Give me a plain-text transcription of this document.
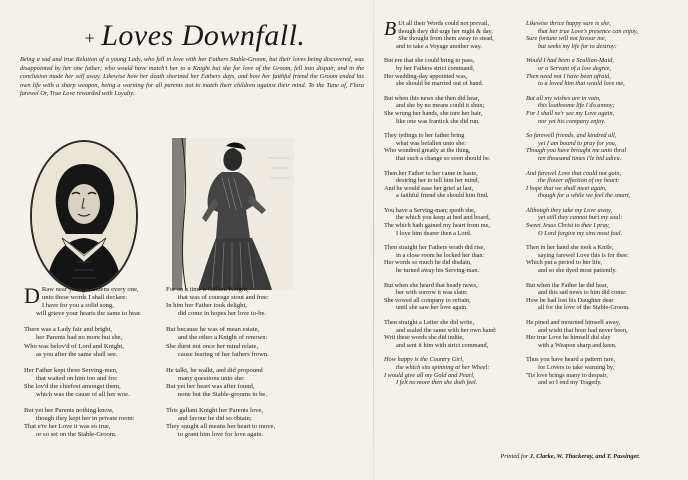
+ Loves Downfall.
Being a sad and true Relation of a young Lady, who fell in love with her Fathers Stable-Groom, but their loves being discovered, was disappointed by her one father; who would have match't her to a Knight but she for love of the Groom, fell into dispair, and in the conclusion made her self away. Likewise how her death shortned her Fathers days, and how her faithful friend the Groom ended his own life with a sharp weapon, being a warning for all parents not to match their children against their mind. To the Tune of, Flora farewel Or, True Love rewarded with Loyalty.
D Raw near young Maidens every one,
unto these words I shall declare:
I have for you a solid song,
will grieve your hearts the same to hear.
There was a Lady fair and bright,
her Parents had no more but she,
Who was belov'd of Lord and Knight,
as you after the same shall see.
Her Father kept three Serving-men,
that waited on him too and fro:
She lov'd the chiefest amongst them,
which was the cause of all her woe.
But yet her Parents nothing know,
though they kept her in private room:
That e're her Love it was so true,
or so set on the Stable-Groom.
For on a time a Gallant Knight,
that was of courage stout and free:
In him her Father took delight,
did come in hopes her love to-be.
But because he was of mean estate,
and the other a Knight of renown:
She durst not once her mind relate,
cause fearing of her fathers frown.
He talkt, he walkt, and did propound
many questions unto she:
But yet her heart was after found,
none but the Stable-grooms to be.
This gallant Knight her Parents love,
and favour he did so obtain;
They sought all means her heart to move,
to grant him love for love again.
B Ut all their Words could not prevail,
though they did urge her night & day,
She thought from them away to stead,
and to take a Voyage another way.
But ere that she could bring to pass,
by her Fathers strict command,
Her wedding-day appointed was,
she should be married out of hand.
But when this news she then did hear,
and she by no means could it shun;
She wrung her hands, she tore her hair,
like one was frantick she did run.
They tydings to her father bring
what was befallen unto she:
Who wondred greatly at the thing,
that such a change so soon should be.
Then her Father to her came in haste,
desiring her to tell him her mind,
And he would ease her grief at last,
a faithful friend she should him find.
You have a Serving-man; quoth she,
the which you keep at bed and board,
The which hath gained my heart from me,
I love him dearer then a Lord.
Then straight her Fathers wrath did rise,
in a close room he locked her than:
Her words so much he did disdain,
he turned away his Serving-man.
But when she heard that heady news,
her with sorrow it was slain:
She vowed all company to refrain,
until she saw her love again.
Then straight a Letter she did write,
and sealed the same with her own hand:
Writ these words she did indite,
and sent it him with strict command,
How happy is the Country Girl,
the which sits spinning at her Wheel:
I would give all my Gold and Pearl,
I felt no more then she doth feel.
Likewise thrice happy sure is she,
that her true Love's presence can enjoy,
Sure fortune will not favour me,
but seeks my life for to destroy:
Would I had been a Scullian-Maid,
or a Servant of a low degree,
Then need not I have been afraid,
to a loved him that would love me,
But all my wishes are in vain,
this loathsome life I do annoy;
For I shall ne'r see my Love again,
nor yet his company enjoy.
So farewell friends, and kindred all,
yet I am bound to pray for you,
Though you have brought me unto thral
ten thousand times i'le bid adieu.
And farewel Love that could not gain,
the flower affection of my heart:
I hope that we shall meet again,
though for a while we feel the smart,
Although they take my Love away,
yet still they cannot hurt my soul:
Sweet Jesus Christ to thee I pray,
O Lord forgive my sins most foul.
Then in her hand she took a Knife,
saying farewel Love this is for thee:
Which put a period to her life,
and so she dyed most patiently.
But when the Father he did hear,
and this sad news to him did come:
How he had lost his Daughter dear
all for the love of the Stable-Groom.
He pined and mourned himself away,
and wisht that hour had never been,
Her true Love he himself did slay
with a Weapon sharp and keen.
Thus you have heard a pattern rare,
for Lovers to take warning by,
'Tis love brings many to despair,
and so I end my Tragedy.
Printed for J. Clarke, W. Thackeray, and T. Passinger.
